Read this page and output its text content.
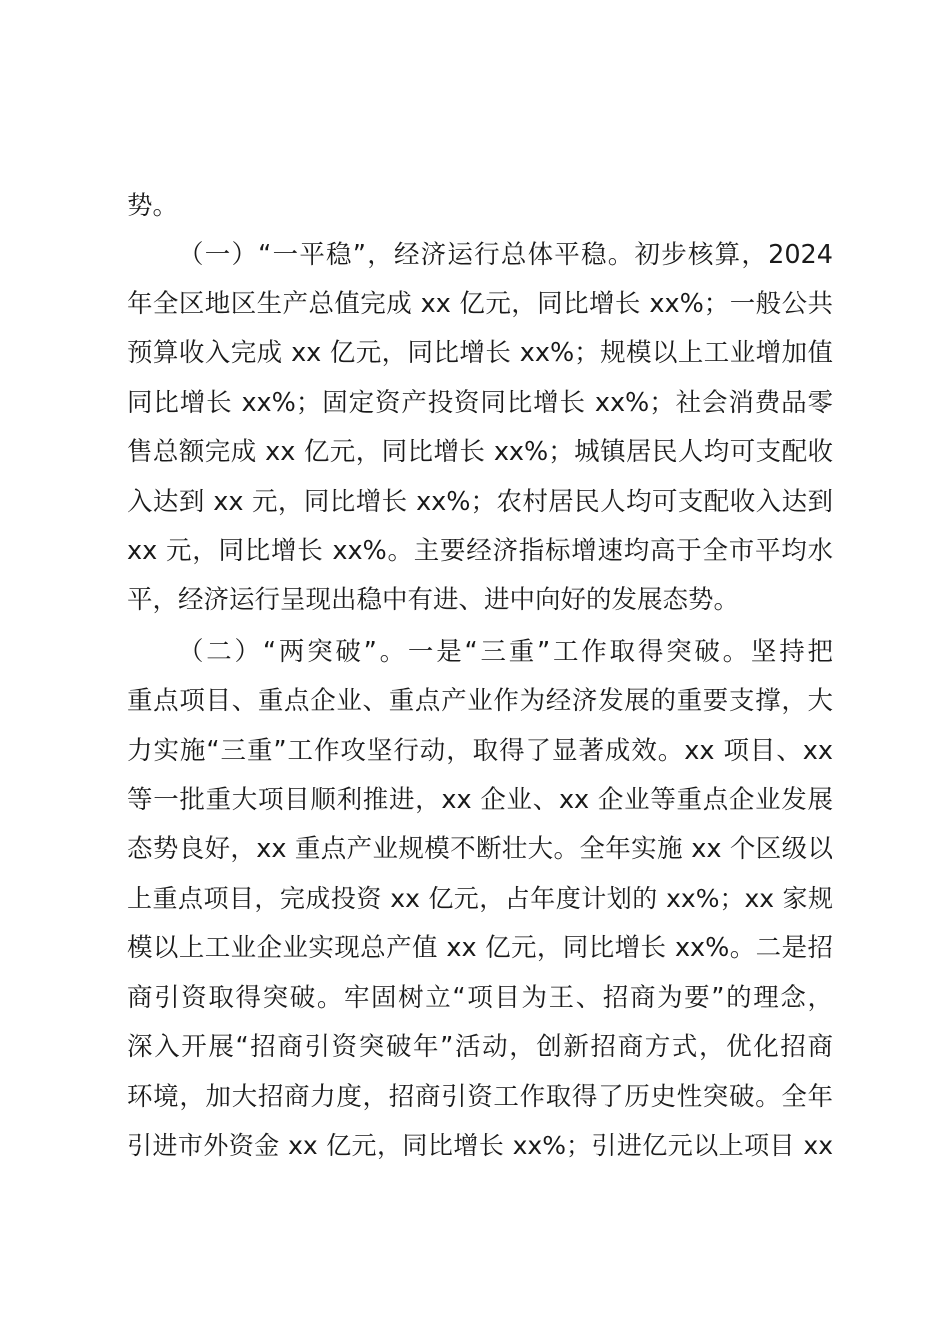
势。
（一）“一平稳”，经济运行总体平稳。初步核算，2024
年全区地区生产总值完成 xx 亿元，同比增长 xx%；一般公共
预算收入完成 xx 亿元，同比增长 xx%；规模以上工业增加值
同比增长 xx%；固定资产投资同比增长 xx%；社会消费品零
售总额完成 xx 亿元，同比增长 xx%；城镇居民人均可支配收
入达到 xx 元，同比增长 xx%；农村居民人均可支配收入达到
xx 元，同比增长 xx%。主要经济指标增速均高于全市平均水
平，经济运行呈现出稳中有进、进中向好的发展态势。
（二）“两突破”。一是“三重”工作取得突破。坚持把
重点项目、重点企业、重点产业作为经济发展的重要支撑，大
力实施“三重”工作攻坚行动，取得了显著成效。xx 项目、xx
等一批重大项目顺利推进，xx 企业、xx 企业等重点企业发展
态势良好，xx 重点产业规模不断壮大。全年实施 xx 个区级以
上重点项目，完成投资 xx 亿元，占年度计划的 xx%；xx 家规
模以上工业企业实现总产值 xx 亿元，同比增长 xx%。二是招
商引资取得突破。牢固树立“项目为王、招商为要”的理念，
深入开展“招商引资突破年”活动，创新招商方式，优化招商
环境，加大招商力度，招商引资工作取得了历史性突破。全年
引进市外资金 xx 亿元，同比增长 xx%；引进亿元以上项目 xx
